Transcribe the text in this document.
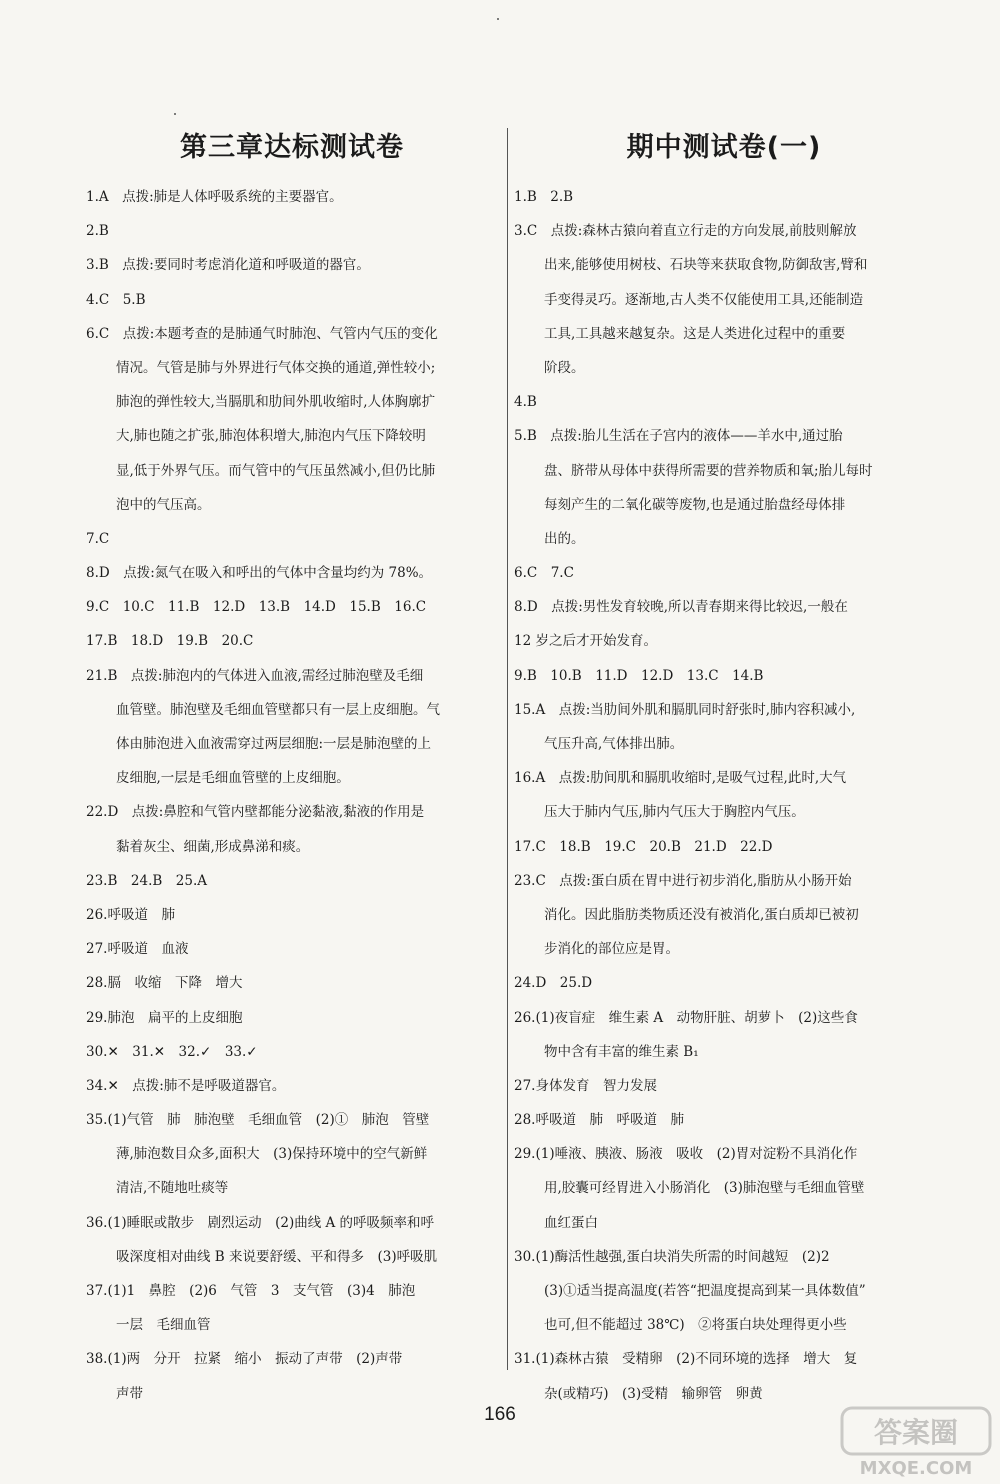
第三章达标测试卷
1.A　点拨:肺是人体呼吸系统的主要器官。
2.B
3.B　点拨:要同时考虑消化道和呼吸道的器官。
4.C　5.B
6.C　点拨:本题考查的是肺通气时肺泡、气管内气压的变化
情况。气管是肺与外界进行气体交换的通道,弹性较小;
肺泡的弹性较大,当膈肌和肋间外肌收缩时,人体胸廓扩
大,肺也随之扩张,肺泡体积增大,肺泡内气压下降较明
显,低于外界气压。而气管中的气压虽然减小,但仍比肺
泡中的气压高。
7.C
8.D　点拨:氮气在吸入和呼出的气体中含量均约为 78%。
9.C　10.C　11.B　12.D　13.B　14.D　15.B　16.C
17.B　18.D　19.B　20.C
21.B　点拨:肺泡内的气体进入血液,需经过肺泡壁及毛细
血管壁。肺泡壁及毛细血管壁都只有一层上皮细胞。气
体由肺泡进入血液需穿过两层细胞:一层是肺泡壁的上
皮细胞,一层是毛细血管壁的上皮细胞。
22.D　点拨:鼻腔和气管内壁都能分泌黏液,黏液的作用是
黏着灰尘、细菌,形成鼻涕和痰。
23.B　24.B　25.A
26.呼吸道　肺
27.呼吸道　血液
28.膈　收缩　下降　增大
29.肺泡　扁平的上皮细胞
30.✕　31.✕　32.✓　33.✓
34.✕　点拨:肺不是呼吸道器官。
35.(1)气管　肺　肺泡壁　毛细血管　(2)①　肺泡　管壁
薄,肺泡数目众多,面积大　(3)保持环境中的空气新鲜
清洁,不随地吐痰等
36.(1)睡眠或散步　剧烈运动　(2)曲线 A 的呼吸频率和呼
吸深度相对曲线 B 来说要舒缓、平和得多　(3)呼吸肌
37.(1)1　鼻腔　(2)6　气管　3　支气管　(3)4　肺泡
一层　毛细血管
38.(1)两　分开　拉紧　缩小　振动了声带　(2)声带
声带
期中测试卷(一)
1.B　2.B
3.C　点拨:森林古猿向着直立行走的方向发展,前肢则解放
出来,能够使用树枝、石块等来获取食物,防御敌害,臂和
手变得灵巧。逐渐地,古人类不仅能使用工具,还能制造
工具,工具越来越复杂。这是人类进化过程中的重要
阶段。
4.B
5.B　点拨:胎儿生活在子宫内的液体——羊水中,通过胎
盘、脐带从母体中获得所需要的营养物质和氧;胎儿每时
每刻产生的二氧化碳等废物,也是通过胎盘经母体排
出的。
6.C　7.C
8.D　点拨:男性发育较晚,所以青春期来得比较迟,一般在
12 岁之后才开始发育。
9.B　10.B　11.D　12.D　13.C　14.B
15.A　点拨:当肋间外肌和膈肌同时舒张时,肺内容积减小,
气压升高,气体排出肺。
16.A　点拨:肋间肌和膈肌收缩时,是吸气过程,此时,大气
压大于肺内气压,肺内气压大于胸腔内气压。
17.C　18.B　19.C　20.B　21.D　22.D
23.C　点拨:蛋白质在胃中进行初步消化,脂肪从小肠开始
消化。因此脂肪类物质还没有被消化,蛋白质却已被初
步消化的部位应是胃。
24.D　25.D
26.(1)夜盲症　维生素 A　动物肝脏、胡萝卜　(2)这些食
物中含有丰富的维生素 B₁
27.身体发育　智力发展
28.呼吸道　肺　呼吸道　肺
29.(1)唾液、胰液、肠液　吸收　(2)胃对淀粉不具消化作
用,胶囊可经胃进入小肠消化　(3)肺泡壁与毛细血管壁
血红蛋白
30.(1)酶活性越强,蛋白块消失所需的时间越短　(2)2
(3)①适当提高温度(若答“把温度提高到某一具体数值”
也可,但不能超过 38℃)　②将蛋白块处理得更小些
31.(1)森林古猿　受精卵　(2)不同环境的选择　增大　复
杂(或精巧)　(3)受精　输卵管　卵黄
166
答案圈
MXQE.COM
